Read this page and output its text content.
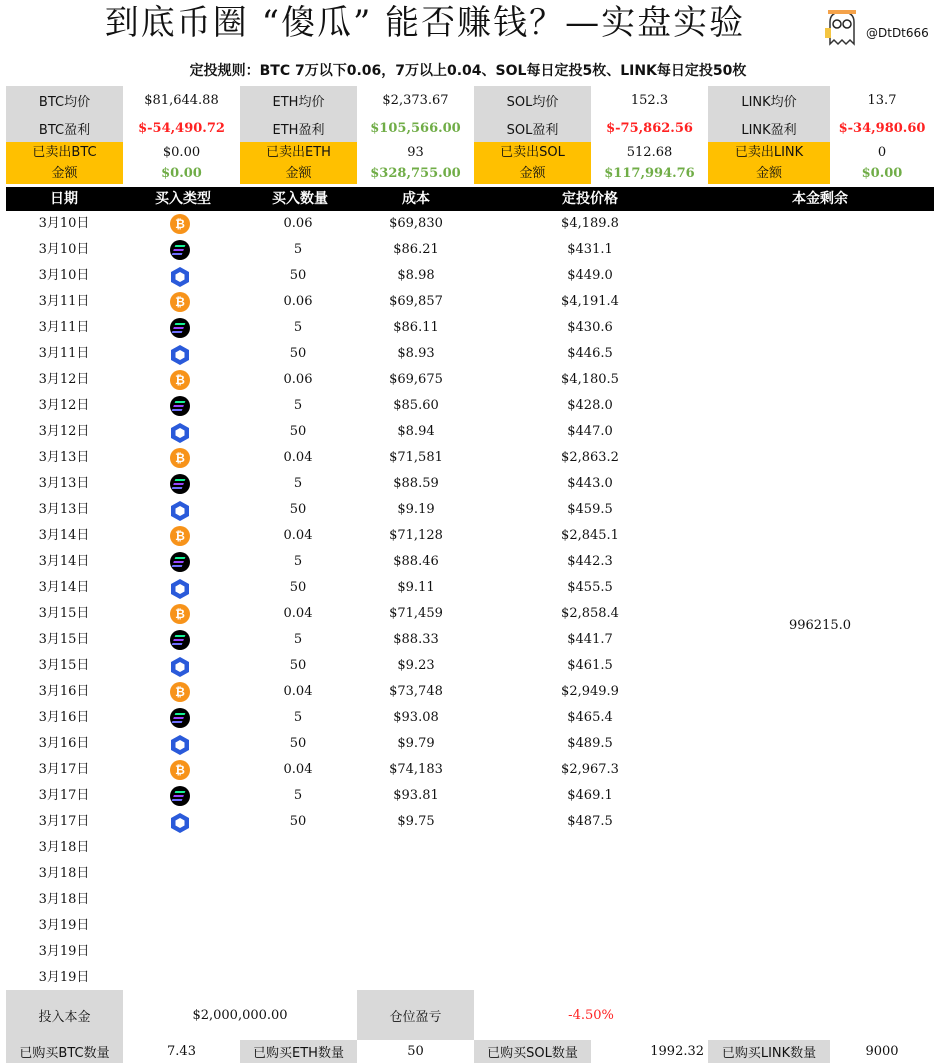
到底币圈 “傻瓜” 能否赚钱？—实盘实验	@DtDt666
定投规则：BTC 7万以下0.06，7万以上0.04、SOL每日定投5枚、LINK每日定投50枚
BTC均价	$81,644.88	ETH均价	$2,373.67	SOL均价	152.3	LINK均价	13.7
BTC盈利	$-54,490.72	ETH盈利	$105,566.00	SOL盈利	$-75,862.56	LINK盈利	$-34,980.60
已卖出BTC	$0.00	已卖出ETH	93	已卖出SOL	512.68	已卖出LINK	0
金额	$0.00	金额	$328,755.00	金额	$117,994.76	金额	$0.00
日期	买入类型	买入数量	成本	定投价格	本金剩余
3月10日 ₿	0.06	$69,830	$4,189.8
3月10日	5	$86.21	$431.1
3月10日	50	$8.98	$449.0
3月11日 ₿	0.06	$69,857	$4,191.4
3月11日	5	$86.11	$430.6
3月11日	50	$8.93	$446.5
3月12日 ₿	0.06	$69,675	$4,180.5
3月12日	5	$85.60	$428.0
3月12日	50	$8.94	$447.0
3月13日 ₿	0.04	$71,581	$2,863.2
3月13日	5	$88.59	$443.0
3月13日	50	$9.19	$459.5
3月14日 ₿	0.04	$71,128	$2,845.1
3月14日	5	$88.46	$442.3
3月14日	50	$9.11	$455.5
3月15日 ₿	0.04	$71,459	$2,858.4
3月15日	5	$88.33	$441.7
3月15日	50	$9.23	$461.5
3月16日 ₿	0.04	$73,748	$2,949.9
3月16日	5	$93.08	$465.4
3月16日	50	$9.79	$489.5
3月17日 ₿	0.04	$74,183	$2,967.3
3月17日	5	$93.81	$469.1
3月17日	50	$9.75	$487.5
3月18日
3月18日
3月18日
3月19日
3月19日
3月19日
996215.0
投入本金	$2,000,000.00		仓位盈亏	-4.50%			
已购买BTC数量	7.43	已购买ETH数量	50	已购买SOL数量	1992.32	已购买LINK数量	9000
